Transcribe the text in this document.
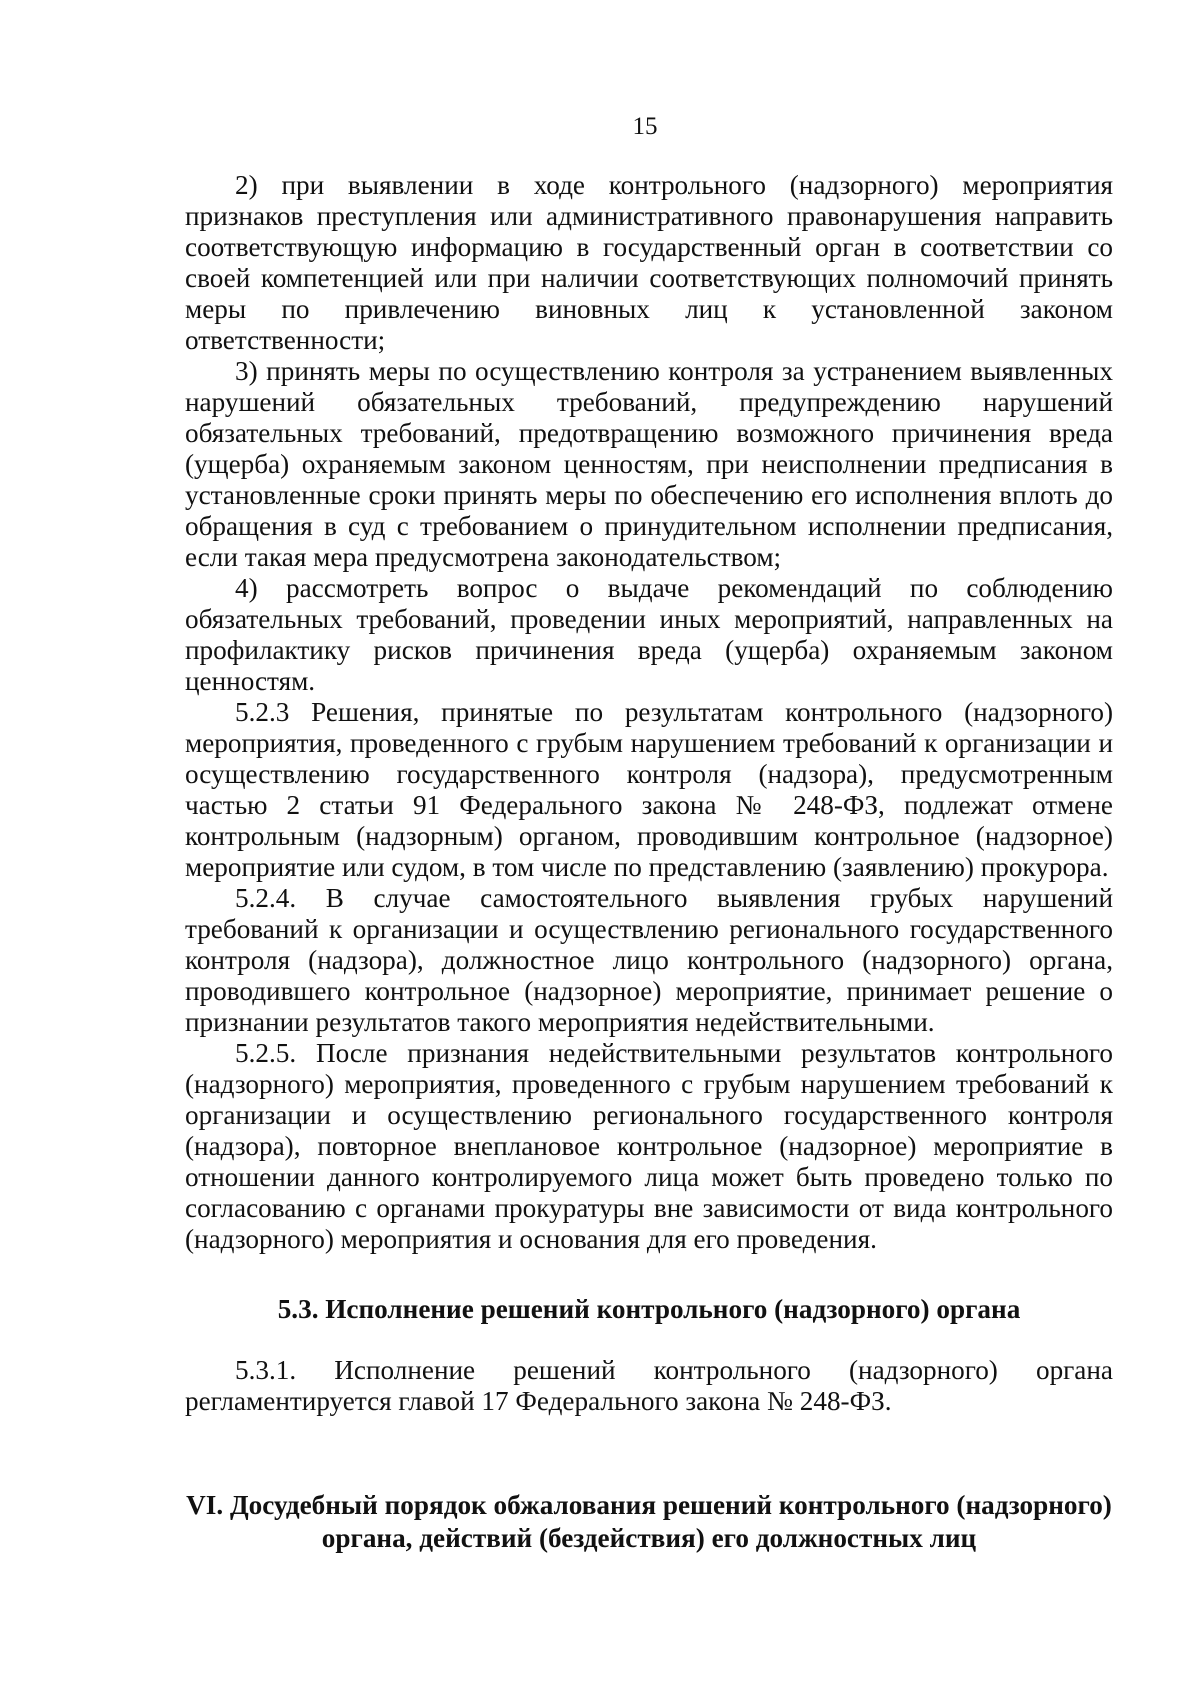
15

2) при выявлении в ходе контрольного (надзорного) мероприятия признаков преступления или административного правонарушения направить соответствующую информацию в государственный орган в соответствии со своей компетенцией или при наличии соответствующих полномочий принять меры по привлечению виновных лиц к установленной законом ответственности;

3) принять меры по осуществлению контроля за устранением выявленных нарушений обязательных требований, предупреждению нарушений обязательных требований, предотвращению возможного причинения вреда (ущерба) охраняемым законом ценностям, при неисполнении предписания в установленные сроки принять меры по обеспечению его исполнения вплоть до обращения в суд с требованием о принудительном исполнении предписания, если такая мера предусмотрена законодательством;

4) рассмотреть вопрос о выдаче рекомендаций по соблюдению обязательных требований, проведении иных мероприятий, направленных на профилактику рисков причинения вреда (ущерба) охраняемым законом ценностям.

5.2.3 Решения, принятые по результатам контрольного (надзорного) мероприятия, проведенного с грубым нарушением требований к организации и осуществлению государственного контроля (надзора), предусмотренным частью 2 статьи 91 Федерального закона № 248-ФЗ, подлежат отмене контрольным (надзорным) органом, проводившим контрольное (надзорное) мероприятие или судом, в том числе по представлению (заявлению) прокурора.

5.2.4. В случае самостоятельного выявления грубых нарушений требований к организации и осуществлению регионального государственного контроля (надзора), должностное лицо контрольного (надзорного) органа, проводившего контрольное (надзорное) мероприятие, принимает решение о признании результатов такого мероприятия недействительными.

5.2.5. После признания недействительными результатов контрольного (надзорного) мероприятия, проведенного с грубым нарушением требований к организации и осуществлению регионального государственного контроля (надзора), повторное внеплановое контрольное (надзорное) мероприятие в отношении данного контролируемого лица может быть проведено только по согласованию с органами прокуратуры вне зависимости от вида контрольного (надзорного) мероприятия и основания для его проведения.

5.3. Исполнение решений контрольного (надзорного) органа

5.3.1. Исполнение решений контрольного (надзорного) органа регламентируется главой 17 Федерального закона № 248-ФЗ.

VI. Досудебный порядок обжалования решений контрольного (надзорного)
органа, действий (бездействия) его должностных лиц
